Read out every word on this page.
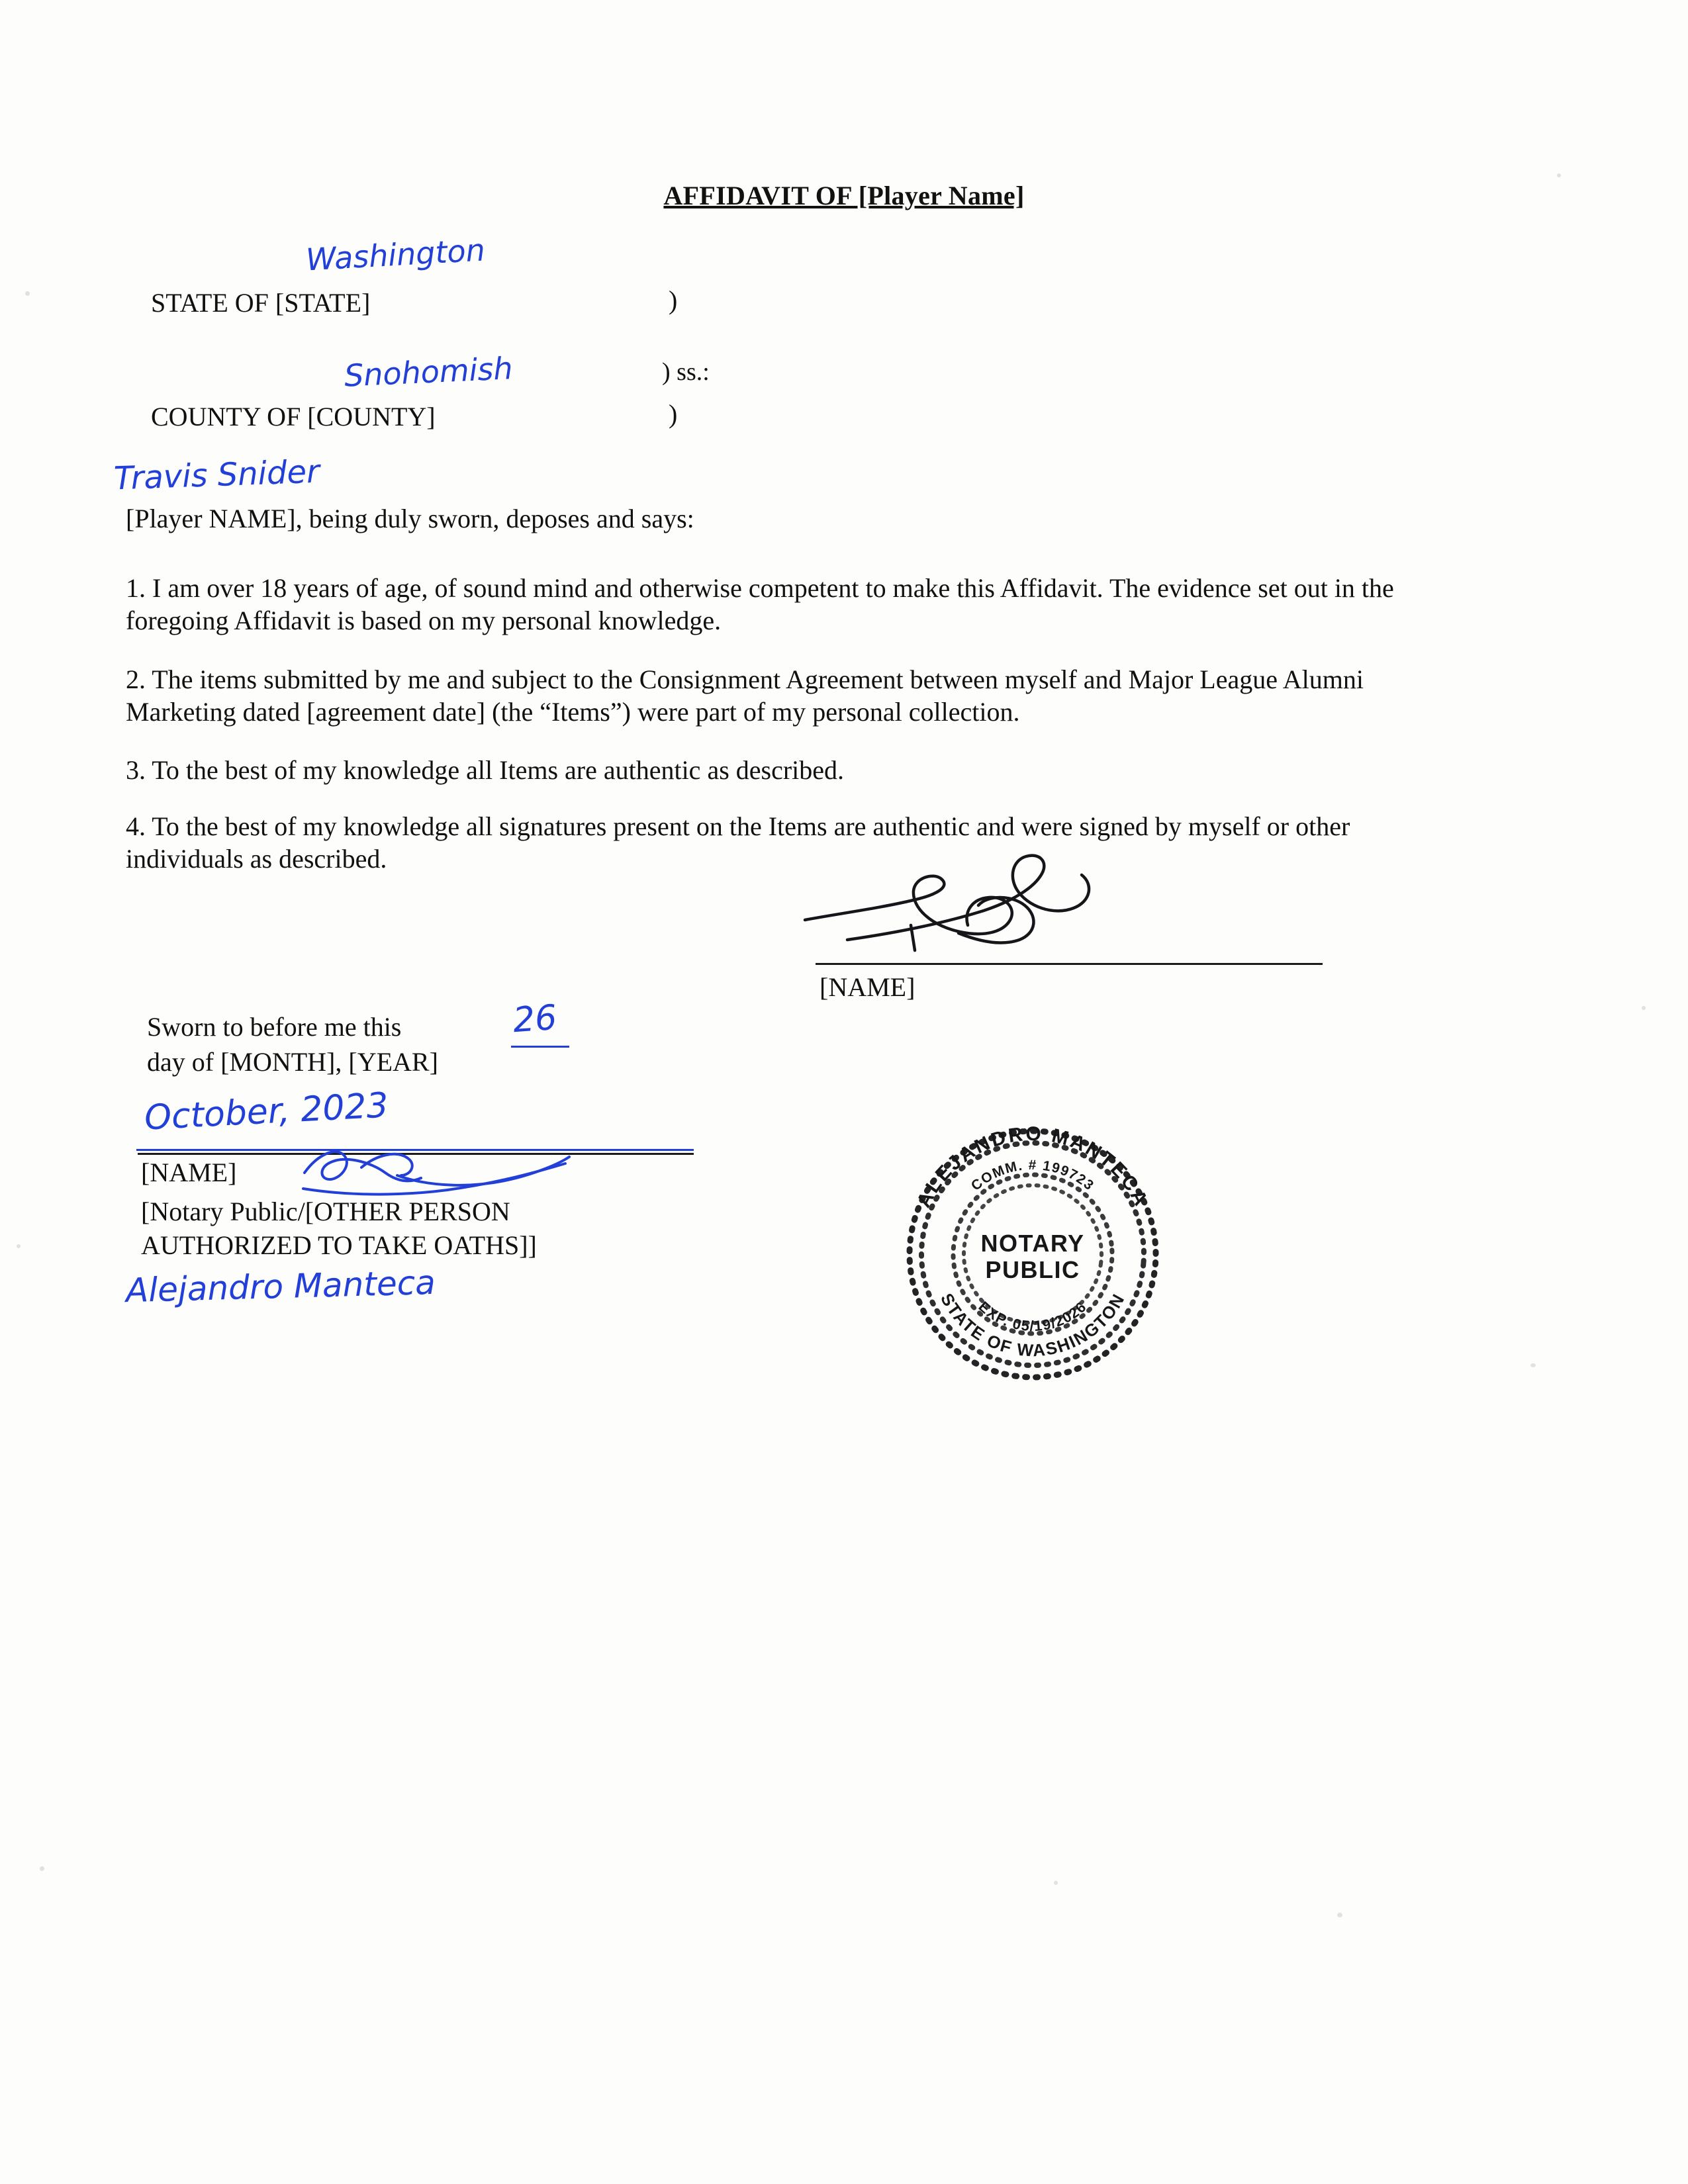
AFFIDAVIT OF [Player Name]
STATE OF [STATE]
COUNTY OF [COUNTY]
)
) ss.:
)
[Player NAME], being duly sworn, deposes and says:
1. I am over 18 years of age, of sound mind and otherwise competent to make this Affidavit. The evidence set out in the foregoing Affidavit is based on my personal knowledge.
2. The items submitted by me and subject to the Consignment Agreement between myself and Major League Alumni Marketing dated [agreement date] (the “Items”) were part of my personal collection.
3. To the best of my knowledge all Items are authentic as described.
4. To the best of my knowledge all signatures present on the Items are authentic and were signed by myself or other individuals as described.
[NAME]
Sworn to before me this
day of [MONTH], [YEAR]
[NAME]
[Notary Public/[OTHER PERSON
AUTHORIZED TO TAKE OATHS]]
Washington
Snohomish
Travis Snider
26
October, 2023
Alejandro Manteca
ALEJANDRO MANTECA
COMM. # 199723
EXP. 05/19/2026
STATE OF WASHINGTON
NOTARY
PUBLIC
